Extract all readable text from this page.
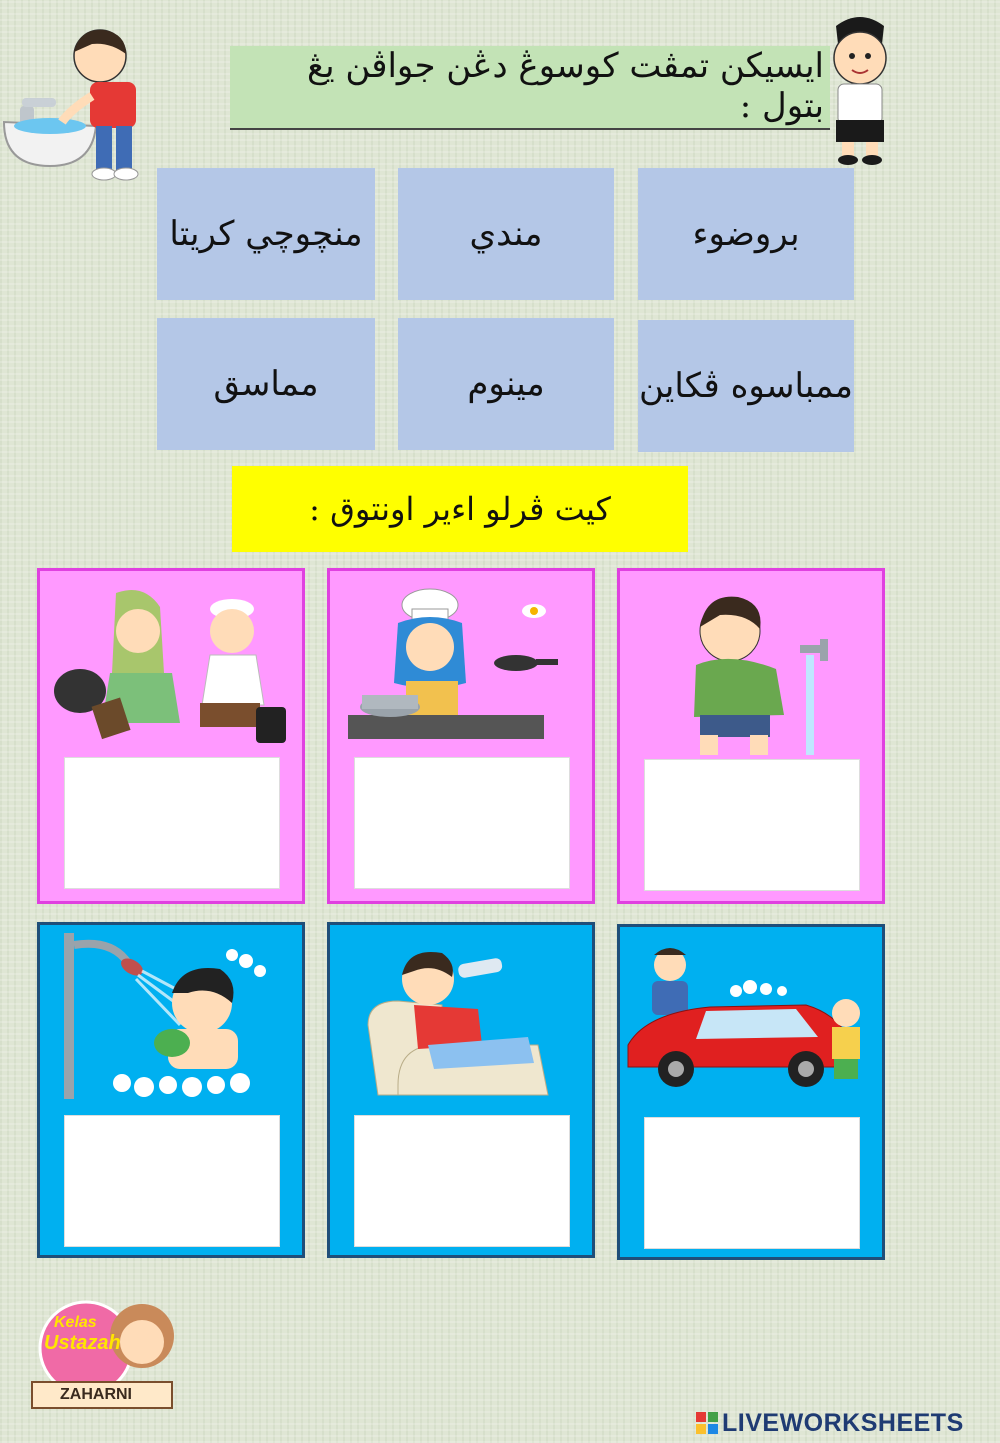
ايسيكن تمڤت كوسوڠ دڠن جواڤن يڠ بتول :
بروضوء
مندي
منچوچي كريتا
ممباسوه ڤكاين
مينوم
مماسق
كيت ڤرلو اءير اونتوق :
Kelas
Ustazah
ZAHARNI
LIVEWORKSHEETS
